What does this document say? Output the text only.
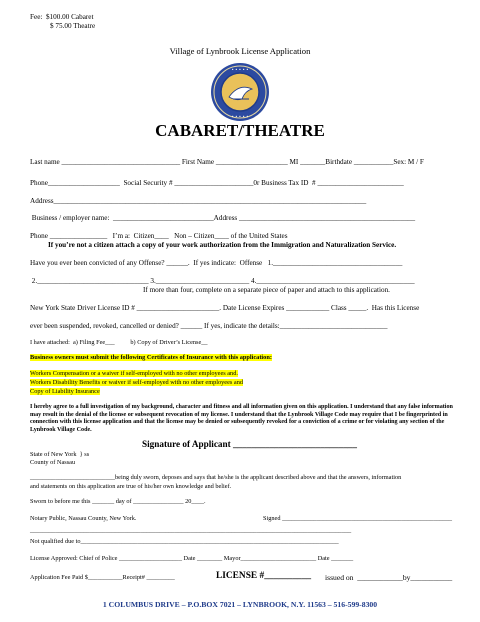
Fee:  $100.00 Cabaret
$ 75.00 Theatre
Village of Lynbrook License Application
• • • • •
• • • • •
CABARET/THEATRE
Last name _________________________________ First Name ____________________ MI _______Birthdate ___________Sex: M / F
Phone____________________  Social Security # ______________________0r Business Tax ID  # ________________________
Address_______________________________________________________________________________________
Business / employer name:  ____________________________Address _________________________________________________
Phone ________________   I’m a:  Citizen____   Non – Citizen____ of the United States
If you’re not a citizen attach a copy of your work authorization from the Immigration and Naturalization Service.
Have you ever been convicted of any Offense? ______.  If yes indicate:  Offense   1.____________________________________
2._______________________________ 3.__________________________ 4.____________________________________________
If more than four, complete on a separate piece of paper and attach to this application.
New York State Driver License ID # _______________________. Date License Expires ____________ Class _____.  Has this License
ever been suspended, revoked, cancelled or denied? ______ If yes, indicate the details:______________________________
I have attached:  a) Filing Fee___          b) Copy of Driver’s License__
Business owners must submit the following Certificates of Insurance with this application:
Workers Compensation or a waiver if self-employed with no other employees and.
Workers Disability Benefits or waiver if self-employed with no other employees and
Copy of Liability Insurance
I hereby agree to a full investigation of my background, character and fitness and all information given on this application. I understand that any false information may result in the denial of the license or subsequent revocation of my license. I understand that the Lynbrook Village Code may require that I be fingerprinted in connection with this license application and that the license may be denied or subsequently revoked for a conviction of a crime or for violating any section of the Lynbrook Village Code.
Signature of Applicant ___________________________
State of New York  } ss
County of Nassau
___________________________being duly sworn, deposes and says that he/she is the applicant described above and that the answers, information
and statements on this application are true of his/her own knowledge and belief.
Sworn to before me this _______ day of ________________ 20____.
Notary Public, Nassau County, New York.	Signed ______________________________________________________
______________________________________________________________________________________________________
Not qualified due to__________________________________________________________________________________
License Approved: Chief of Police ____________________ Date ________ Mayor________________________ Date _______
Application Fee Paid $___________Receipt# _________	LICENSE #__________ issued on  ____________by___________
1 COLUMBUS DRIVE – P.O.BOX 7021 – LYNBROOK, N.Y. 11563 – 516-599-8300
